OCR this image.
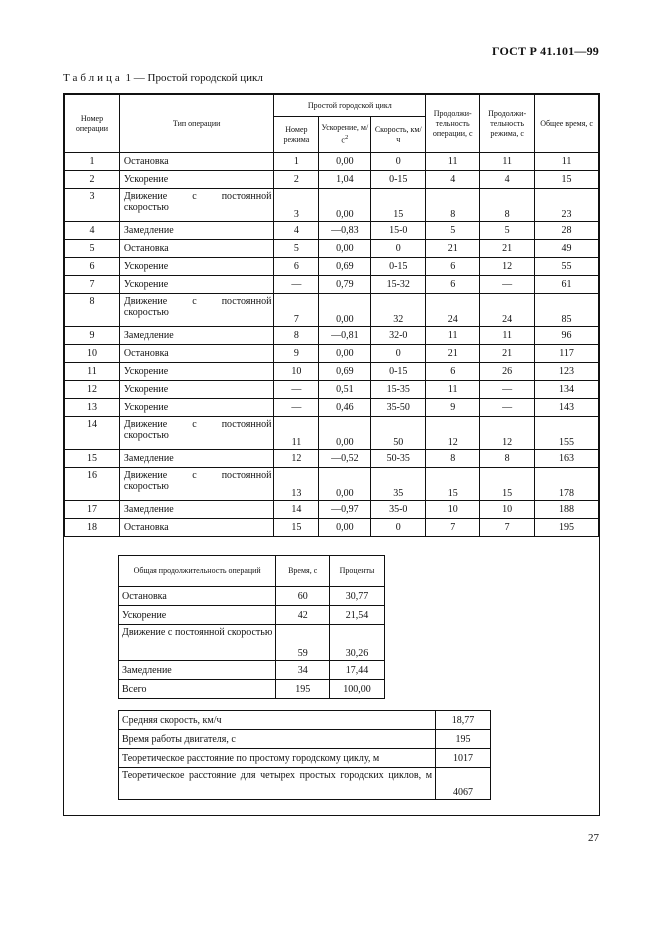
ГОСТ Р 41.101—99
Таблица 1 — Простой городской цикл
Номер операции	Тип операции	Простой городской цикл			Продолжи-тельность операции, с	Продолжи-тельность режима, с	Общее время, с
		Номер режима	Ускорение, $м/с^2$	Скорость, км/ч			
1	Остановка	1	0,00	0	11	11	11
2	Ускорение	2	1,04	0-15	4	4	15
3	Движение с постоянной скоростью	3	0,00	15	8	8	23
4	Замедление	4	—0,83	15-0	5	5	28
5	Остановка	5	0,00	0	21	21	49
6	Ускорение	6	0,69	0-15	6	12	55
7	Ускорение	—	0,79	15-32	6	—	61
8	Движение с постоянной скоростью	7	0,00	32	24	24	85
9	Замедление	8	—0,81	32-0	11	11	96
10	Остановка	9	0,00	0	21	21	117
11	Ускорение	10	0,69	0-15	6	26	123
12	Ускорение	—	0,51	15-35	11	—	134
13	Ускорение	—	0,46	35-50	9	—	143
14	Движение с постоянной скоростью	11	0,00	50	12	12	155
15	Замедление	12	—0,52	50-35	8	8	163
16	Движение с постоянной скоростью	13	0,00	35	15	15	178
17	Замедление	14	—0,97	35-0	10	10	188
18	Остановка	15	0,00	0	7	7	195
Общая продолжительность операций	Время, с	Проценты
Остановка	60	30,77
Ускорение	42	21,54

Движение с постоянной скоростью	59	30,26
Замедление	34	17,44
Всего	195	100,00
Средняя скорость, км/ч	18,77
Время работы двигателя, с	195
Теоретическое расстояние по простому городскому циклу, м	1017

Теоретическое расстояние для четырех простых городских циклов, м	4067
27
